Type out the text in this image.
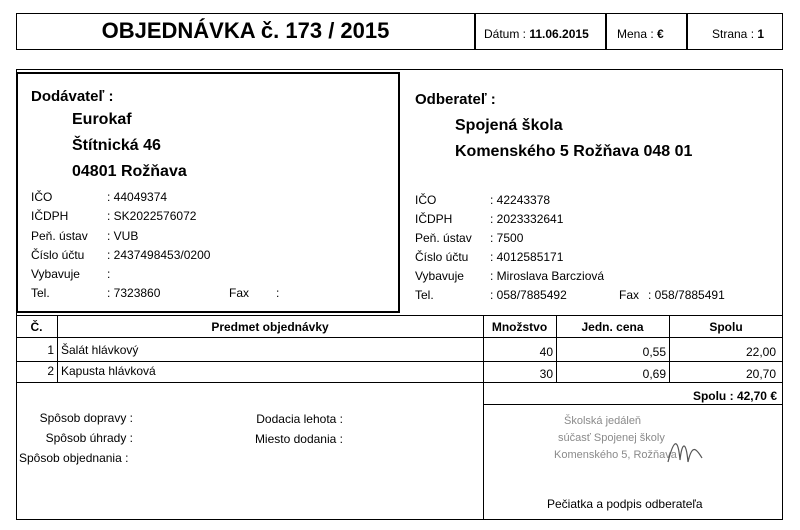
OBJEDNÁVKA č. 173 / 2015	Dátum : 11.06.2015 Mena : €	Strana : 1
Dodávateľ :
Eurokaf
Štítnická 46
04801 Rožňava
IČO	: 44049374
IČDPH	: SK2022576072
Peň. ústav : VUB
Číslo účtu : 2437498453/0200
Vybavuje :
Tel.	: 7323860	Fax :
Odberateľ :
Spojená škola
Komenského 5 Rožňava 048 01
IČO	: 42243378
IČDPH	: 2023332641
Peň. ústav : 7500
Číslo účtu : 4012585171
Vybavuje : Miroslava Barcziová
Tel.	: 058/7885492	Fax : 058/7885491
Č.	Predmet objednávky	Množstvo	Jedn. cena	Spolu
1 Šalát hlávkový	40	0,55	22,00
2 Kapusta hlávková	30	0,69	20,70
Spolu : 42,70 €
Spôsob dopravy :
Spôsob úhrady :
Spôsob objednania :
Dodacia lehota :
Miesto dodania :
Školská jedáleň
súčasť Spojenej školy
Komenského 5, Rožňava
Pečiatka a podpis odberateľa
